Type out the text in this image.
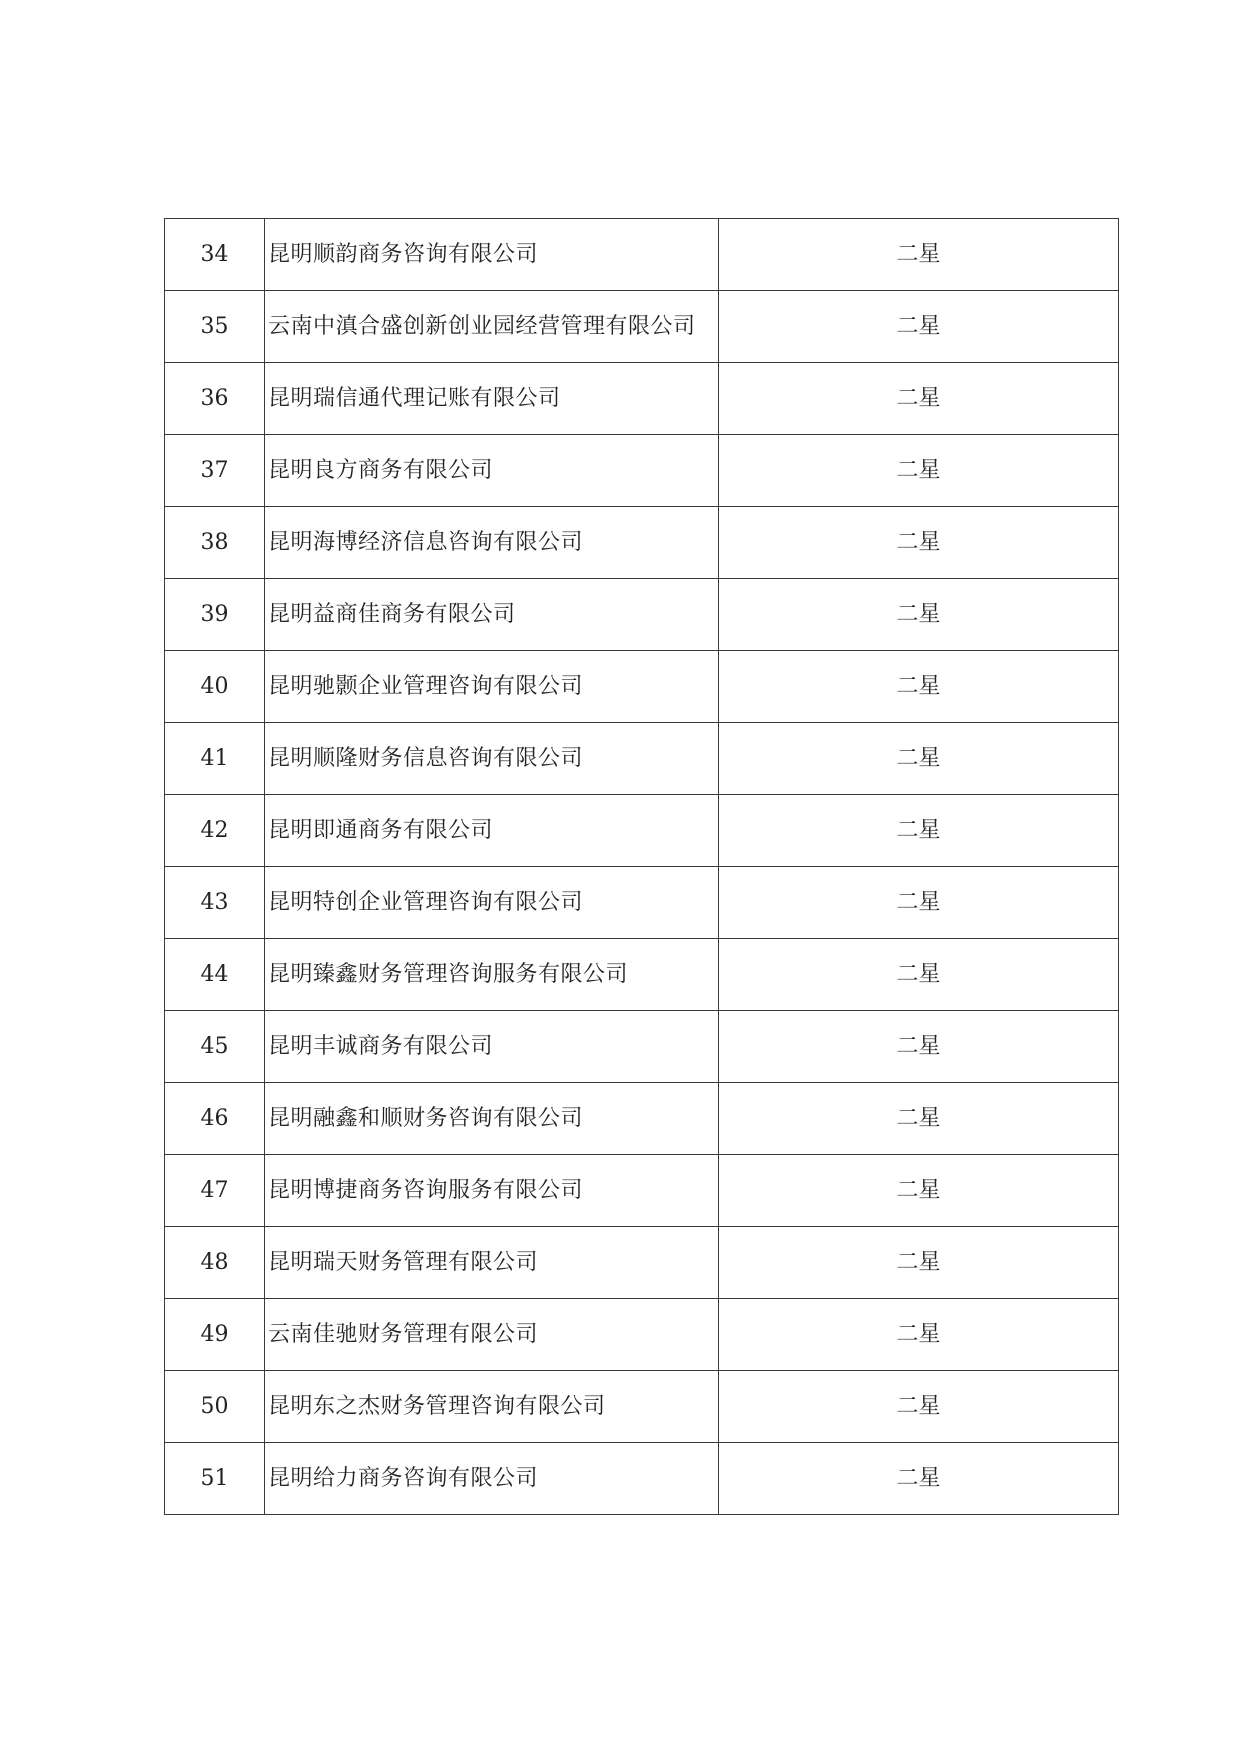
34	昆明顺韵商务咨询有限公司	二星
35	云南中滇合盛创新创业园经营管理有限公司	二星
36	昆明瑞信通代理记账有限公司	二星
37	昆明良方商务有限公司	二星
38	昆明海博经济信息咨询有限公司	二星
39	昆明益商佳商务有限公司	二星
40	昆明驰颢企业管理咨询有限公司	二星
41	昆明顺隆财务信息咨询有限公司	二星
42	昆明即通商务有限公司	二星
43	昆明特创企业管理咨询有限公司	二星
44	昆明臻鑫财务管理咨询服务有限公司	二星
45	昆明丰诚商务有限公司	二星
46	昆明融鑫和顺财务咨询有限公司	二星
47	昆明博捷商务咨询服务有限公司	二星
48	昆明瑞天财务管理有限公司	二星
49	云南佳驰财务管理有限公司	二星
50	昆明东之杰财务管理咨询有限公司	二星
51	昆明给力商务咨询有限公司	二星
